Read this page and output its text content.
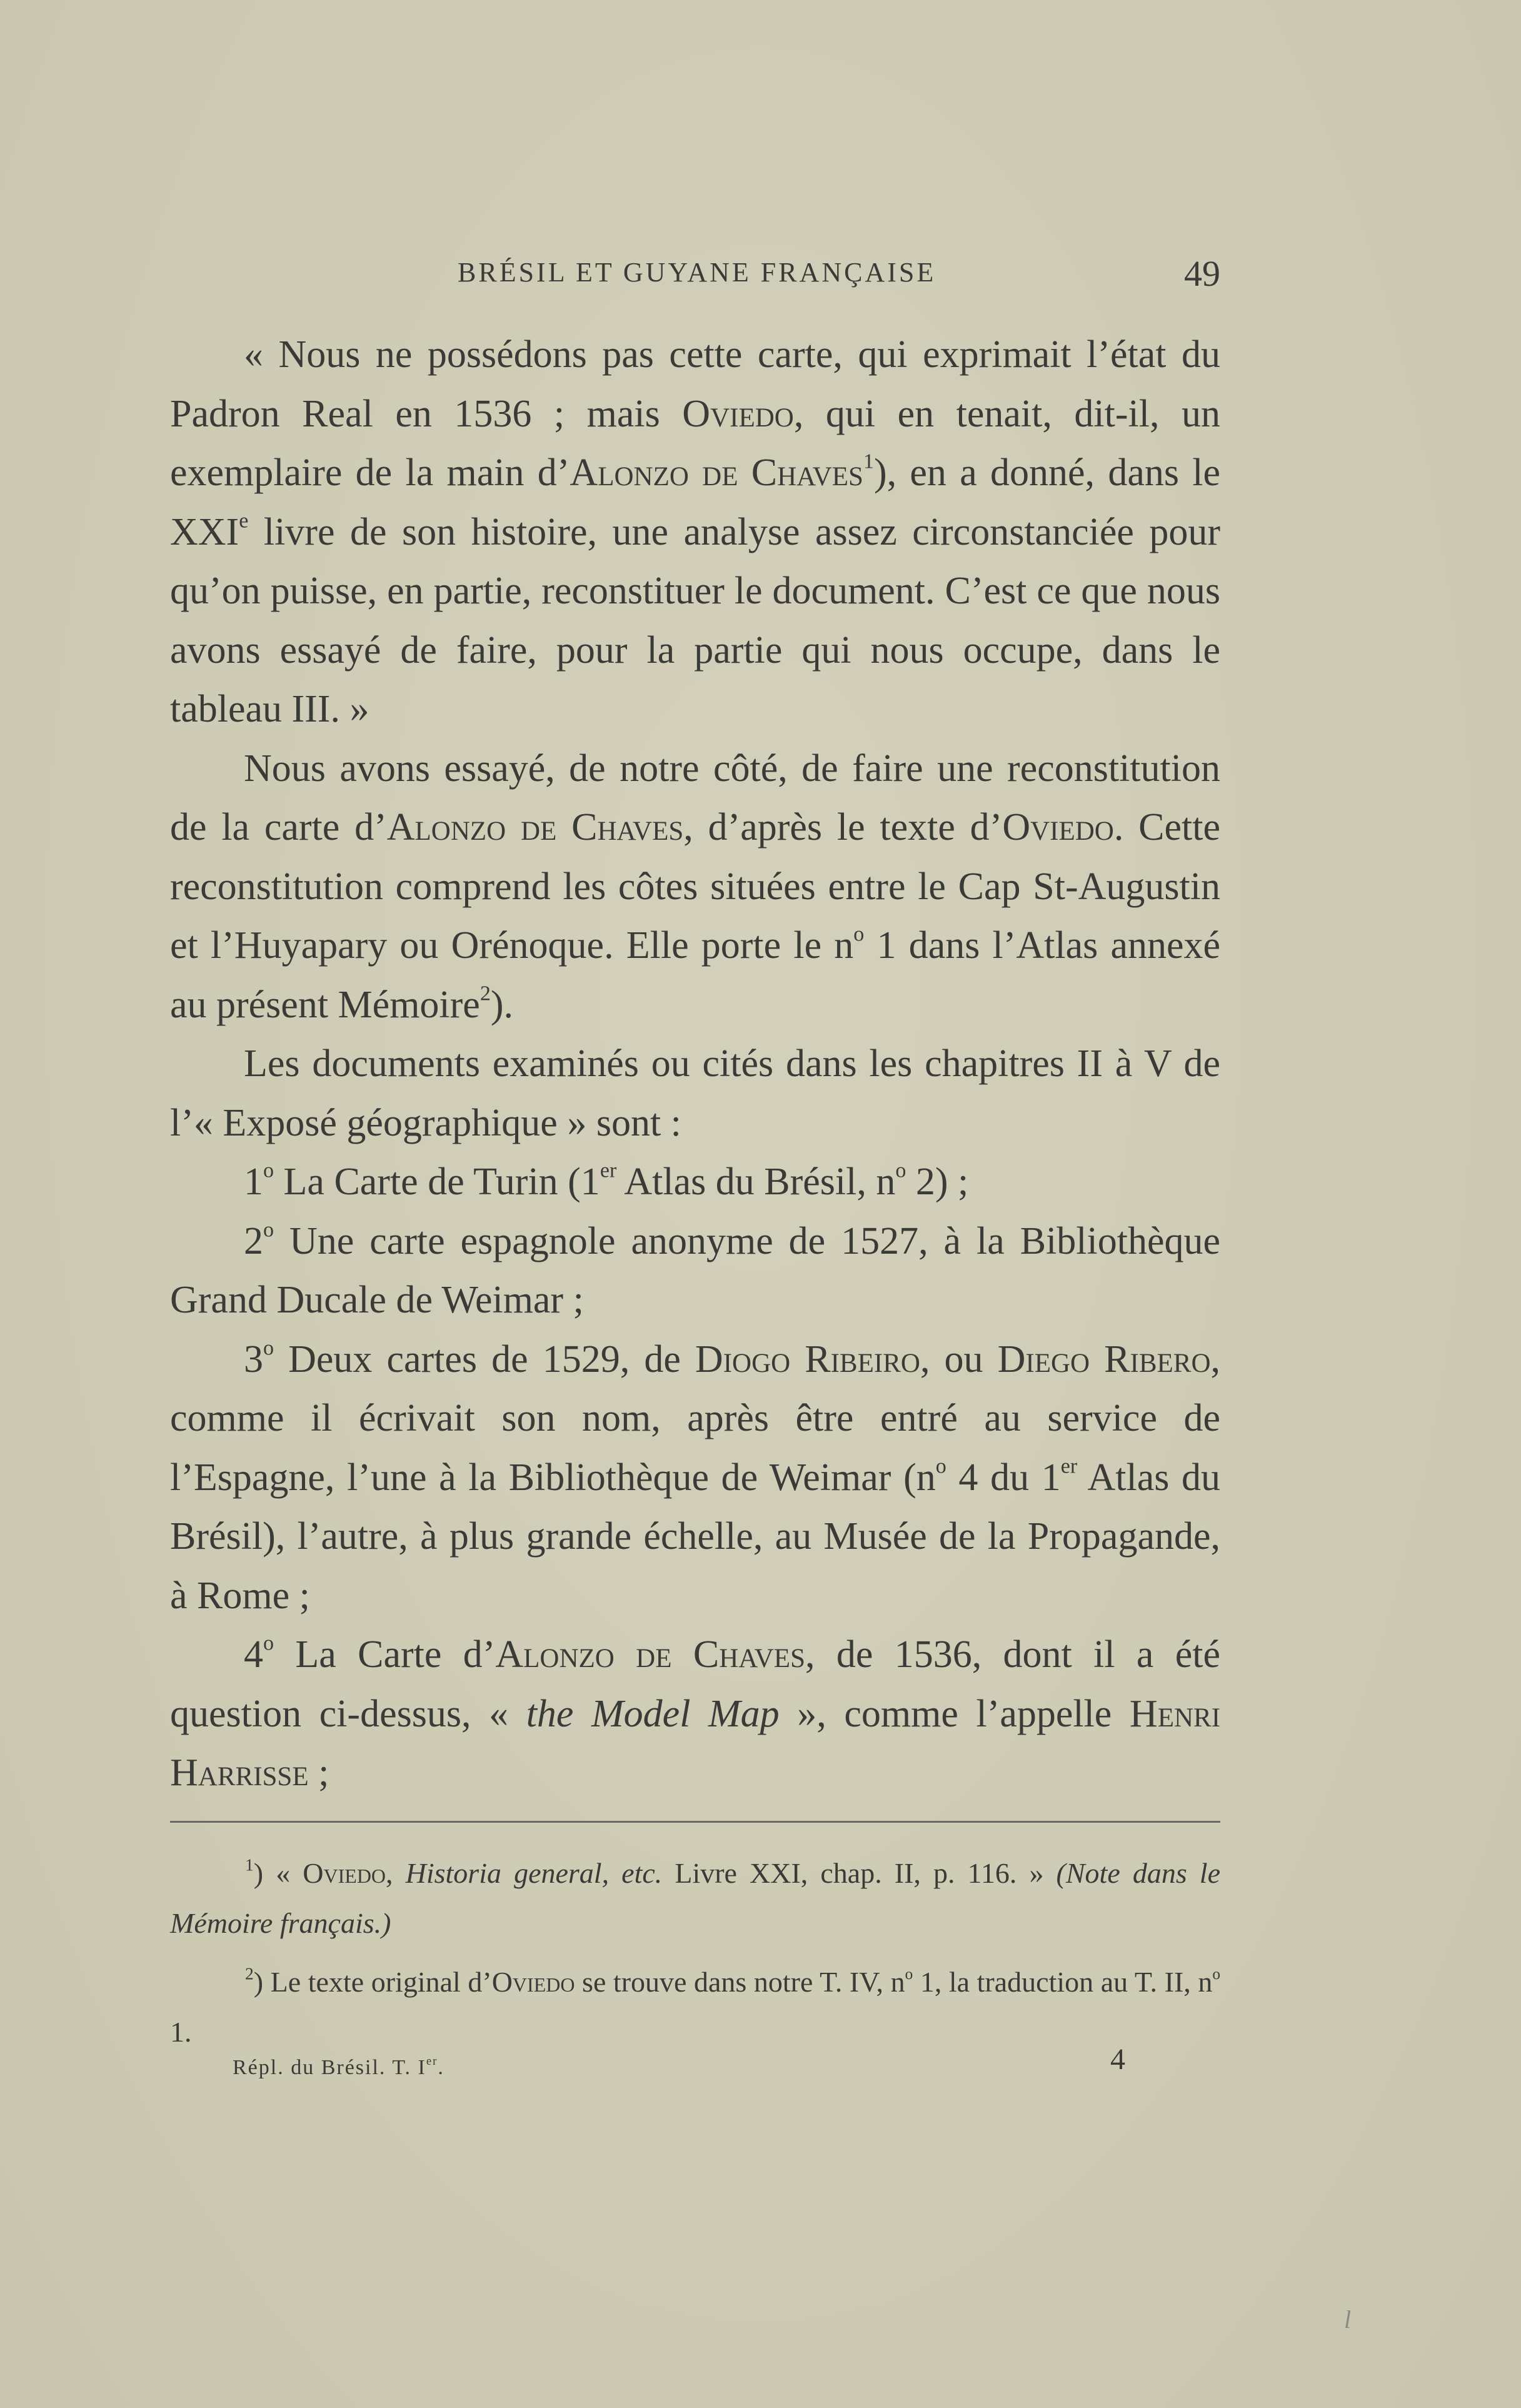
BRÉSIL ET GUYANE FRANÇAISE	49

« Nous ne possédons pas cette carte, qui exprimait l’état du Padron Real en 1536 ; mais Oviedo, qui en tenait, dit-il, un exemplaire de la main d’Alonzo de Chaves$^1$), en a donné, dans le XXIe livre de son histoire, une analyse assez circonstanciée pour qu’on puisse, en partie, reconstituer le document. C’est ce que nous avons essayé de faire, pour la partie qui nous occupe, dans le tableau III. »

Nous avons essayé, de notre côté, de faire une reconstitution de la carte d’Alonzo de Chaves, d’après le texte d’Oviedo. Cette reconstitution comprend les côtes situées entre le Cap St-Augustin et l’Huyapary ou Orénoque. Elle porte le $n^o$ 1 dans l’Atlas annexé au présent Mémoire$^2$).

Les documents examinés ou cités dans les chapitres II à V de l’« Exposé géographique » sont :

1$^o$ La Carte de Turin (1er Atlas du Brésil, $n^o$ 2) ;

2$^o$ Une carte espagnole anonyme de 1527, à la Bibliothèque Grand Ducale de Weimar ;

3$^o$ Deux cartes de 1529, de Diogo Ribeiro, ou Diego Ribero, comme il écrivait son nom, après être entré au service de l’Espagne, l’une à la Bibliothèque de Weimar ($n^o$ 4 du 1er Atlas du Brésil), l’autre, à plus grande échelle, au Musée de la Propagande, à Rome ;

4$^o$ La Carte d’Alonzo de Chaves, de 1536, dont il a été question ci-dessus, « the Model Map », comme l’appelle Henri Harrisse ;

$^1$) « Oviedo, Historia general, etc. Livre XXI, chap. II, p. 116. » (Note dans le Mémoire français.)

$^2$) Le texte original d’Oviedo se trouve dans notre T. IV, $n^o$ 1, la traduction au T. II, $n^o$ 1.

Répl. du Brésil. T. Ier.	4
l
